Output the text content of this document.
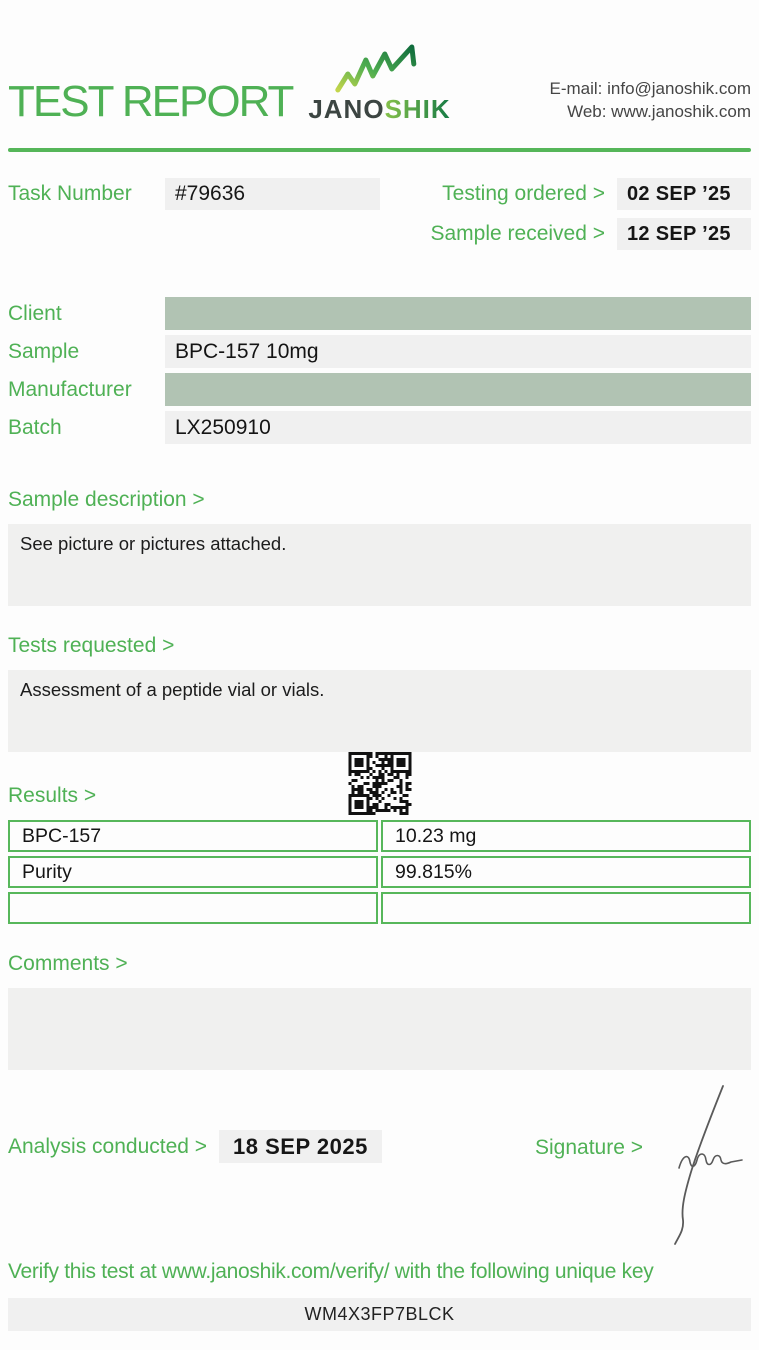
TEST REPORT JANOSHIK
E-mail: info@janoshik.com
Web: www.janoshik.com
Task Number	#79636	Testing ordered >	02 SEP ’25
Sample received >	12 SEP ’25
Client
Sample	BPC-157 10mg
Manufacturer
Batch	LX250910
Sample description >
See picture or pictures attached.
Tests requested >
Assessment of a peptide vial or vials.
Results >
BPC-157	10.23 mg
Purity	99.815%
Comments >
Analysis conducted >	18 SEP 2025	Signature >
Verify this test at www.janoshik.com/verify/ with the following unique key
WM4X3FP7BLCK
